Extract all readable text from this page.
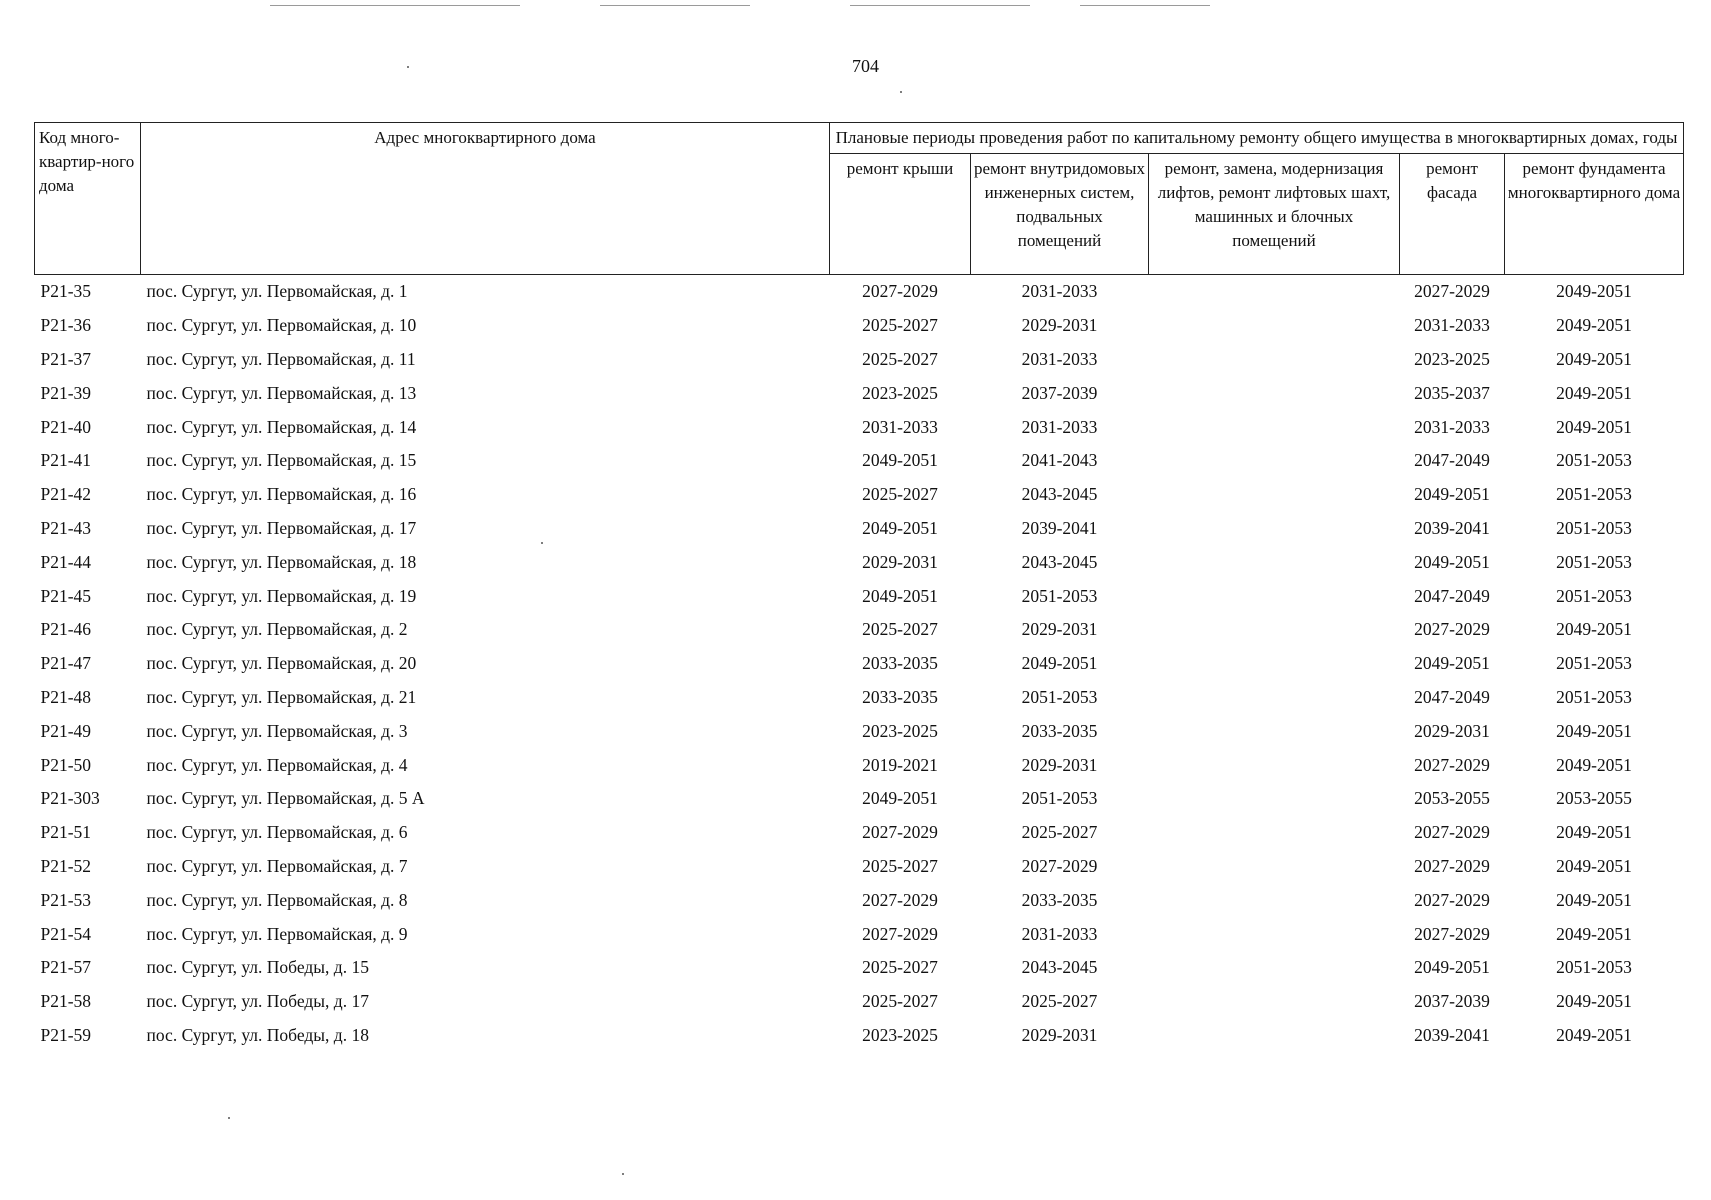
704
Код много-квартир-ного дома	Адрес многоквартирного дома	Плановые периоды проведения работ по капитальному ремонту общего имущества в многоквартирных домах, годы				
		ремонт крыши	ремонт внутридомовых инженерных систем, подвальных помещений	ремонт, замена, модернизация лифтов, ремонт лифтовых шахт, машинных и блочных помещений	ремонт фасада	ремонт фундамента многоквартирного дома
P21-35	пос. Сургут, ул. Первомайская, д. 1	2027-2029	2031-2033		2027-2029	2049-2051
P21-36	пос. Сургут, ул. Первомайская, д. 10	2025-2027	2029-2031		2031-2033	2049-2051
P21-37	пос. Сургут, ул. Первомайская, д. 11	2025-2027	2031-2033		2023-2025	2049-2051
P21-39	пос. Сургут, ул. Первомайская, д. 13	2023-2025	2037-2039		2035-2037	2049-2051
P21-40	пос. Сургут, ул. Первомайская, д. 14	2031-2033	2031-2033		2031-2033	2049-2051
P21-41	пос. Сургут, ул. Первомайская, д. 15	2049-2051	2041-2043		2047-2049	2051-2053
P21-42	пос. Сургут, ул. Первомайская, д. 16	2025-2027	2043-2045		2049-2051	2051-2053
P21-43	пос. Сургут, ул. Первомайская, д. 17	2049-2051	2039-2041		2039-2041	2051-2053
P21-44	пос. Сургут, ул. Первомайская, д. 18	2029-2031	2043-2045		2049-2051	2051-2053
P21-45	пос. Сургут, ул. Первомайская, д. 19	2049-2051	2051-2053		2047-2049	2051-2053
P21-46	пос. Сургут, ул. Первомайская, д. 2	2025-2027	2029-2031		2027-2029	2049-2051
P21-47	пос. Сургут, ул. Первомайская, д. 20	2033-2035	2049-2051		2049-2051	2051-2053
P21-48	пос. Сургут, ул. Первомайская, д. 21	2033-2035	2051-2053		2047-2049	2051-2053
P21-49	пос. Сургут, ул. Первомайская, д. 3	2023-2025	2033-2035		2029-2031	2049-2051
P21-50	пос. Сургут, ул. Первомайская, д. 4	2019-2021	2029-2031		2027-2029	2049-2051
P21-303	пос. Сургут, ул. Первомайская, д. 5 А	2049-2051	2051-2053		2053-2055	2053-2055
P21-51	пос. Сургут, ул. Первомайская, д. 6	2027-2029	2025-2027		2027-2029	2049-2051
P21-52	пос. Сургут, ул. Первомайская, д. 7	2025-2027	2027-2029		2027-2029	2049-2051
P21-53	пос. Сургут, ул. Первомайская, д. 8	2027-2029	2033-2035		2027-2029	2049-2051
P21-54	пос. Сургут, ул. Первомайская, д. 9	2027-2029	2031-2033		2027-2029	2049-2051
P21-57	пос. Сургут, ул. Победы, д. 15	2025-2027	2043-2045		2049-2051	2051-2053
P21-58	пос. Сургут, ул. Победы, д. 17	2025-2027	2025-2027		2037-2039	2049-2051
P21-59	пос. Сургут, ул. Победы, д. 18	2023-2025	2029-2031		2039-2041	2049-2051
